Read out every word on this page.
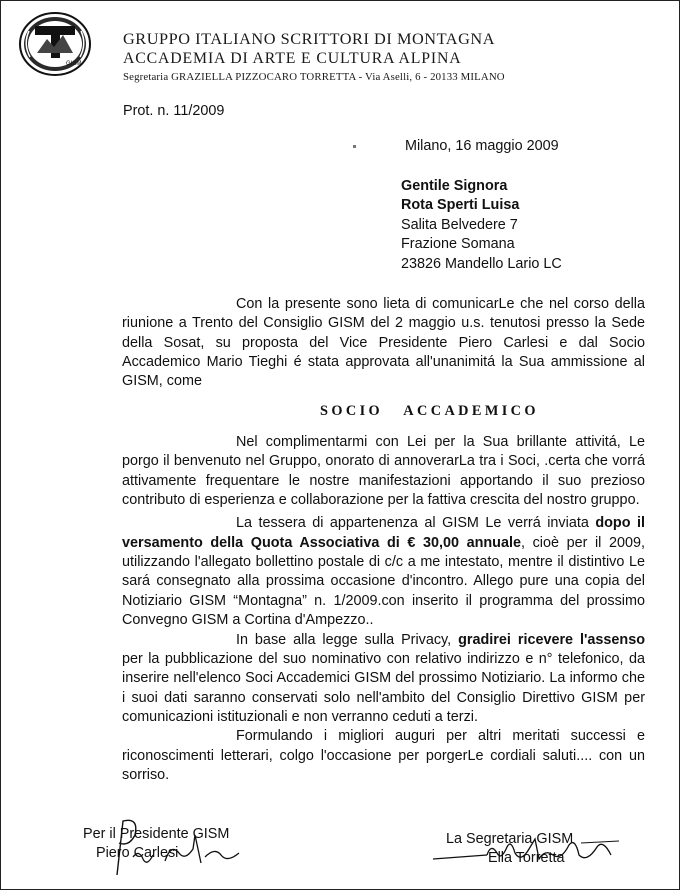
GISM
GRUPPO ITALIANO SCRITTORI DI MONTAGNA
ACCADEMIA DI ARTE E CULTURA ALPINA
Segretaria GRAZIELLA PIZZOCARO TORRETTA - Via Aselli, 6 - 20133 MILANO
Prot. n. 11/2009
Milano, 16 maggio 2009
Gentile Signora
Rota Sperti Luisa
Salita Belvedere 7
Frazione Somana
23826 Mandello Lario LC

Con la presente sono lieta di comunicarLe che nel corso della riunione a Trento del Consiglio GISM del 2 maggio u.s. tenutosi presso la Sede della Sosat, su proposta del Vice Presidente Piero Carlesi e dal Socio Accademico Mario Tieghi é stata approvata all'unanimitá la Sua ammissione al GISM, come

SOCIO ACCADEMICO

Nel complimentarmi con Lei per la Sua brillante attivitá, Le porgo il benvenuto nel Gruppo, onorato di annoverarLa tra i Soci, .certa che vorrá attivamente frequentare le nostre manifestazioni apportando il suo prezioso contributo di esperienza e collaborazione per la fattiva crescita del nostro gruppo.

La tessera di appartenenza al GISM Le verrá inviata dopo il versamento della Quota Associativa di € 30,00 annuale, cioè per il 2009, utilizzando l'allegato bollettino postale di c/c a me intestato, mentre il distintivo Le sará consegnato alla prossima occasione d'incontro. Allego pure una copia del Notiziario GISM “Montagna” n. 1/2009.con inserito il programma del prossimo Convegno GISM a Cortina d'Ampezzo..

In base alla legge sulla Privacy, gradirei ricevere l'assenso per la pubblicazione del suo nominativo con relativo indirizzo e n° telefonico, da inserire nell'elenco Soci Accademici GISM del prossimo Notiziario. La informo che i suoi dati saranno conservati solo nell'ambito del Consiglio Direttivo GISM per comunicazioni istituzionali e non verranno ceduti a terzi.

Formulando i migliori auguri per altri meritati successi e riconoscimenti letterari, colgo l'occasione per porgerLe cordiali saluti.... con un sorriso.

Per il Presidente GISM
Piero Carlesi
La Segretaria GISM
Ella Torretta
